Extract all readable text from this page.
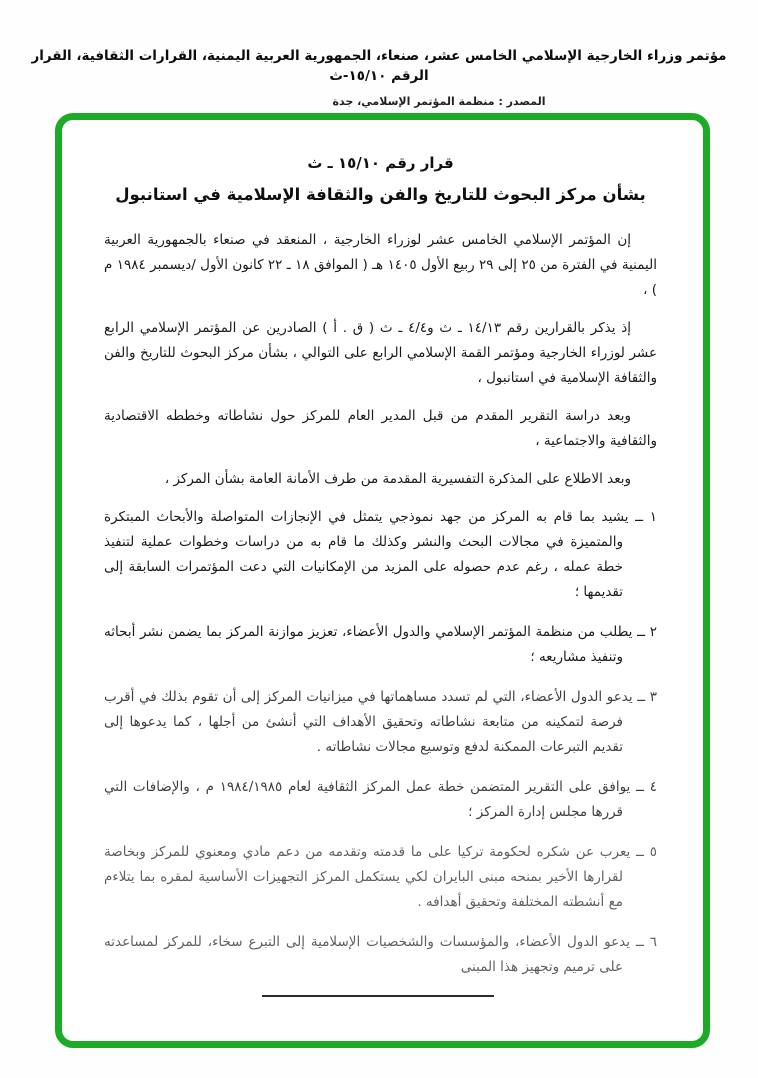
مؤتمر وزراء الخارجية الإسلامي الخامس عشر، صنعاء، الجمهورية العربية اليمنية، القرارات الثقافية، القرار الرقم ١٥/١٠-ث
المصدر : منظمة المؤتمر الإسلامي، جدة
قرار رقم ١٥/١٠ ـ ث
بشأن مركز البحوث للتاريخ والفن والثقافة الإسلامية في استانبول

إن المؤتمر الإسلامي الخامس عشر لوزراء الخارجية ، المنعقد في صنعاء بالجمهورية العربية اليمنية في الفترة من ٢٥ إلى ٢٩ ربيع الأول ١٤٠٥ هـ ( الموافق ١٨ ـ ٢٢ كانون الأول /ديسمبر ١٩٨٤ م ) ،

إذ يذكر بالقرارين رقم ١٤/١٣ ـ ث و٤/٤ ـ ث ( ق . أ ) الصادرين عن المؤتمر الإسلامي الرابع عشر لوزراء الخارجية ومؤتمر القمة الإسلامي الرابع على التوالي ، بشأن مركز البحوث للتاريخ والفن والثقافة الإسلامية في استانبول ،

وبعد دراسة التقرير المقدم من قبل المدير العام للمركز حول نشاطاته وخططه الاقتصادية والثقافية والاجتماعية ،

وبعد الاطلاع على المذكرة التفسيرية المقدمة من طرف الأمانة العامة بشأن المركز ،

١ ــ يشيد بما قام به المركز من جهد نموذجي يتمثل في الإنجازات المتواصلة والأبحاث المبتكرة والمتميزة في مجالات البحث والنشر وكذلك ما قام به من دراسات وخطوات عملية لتنفيذ خطة عمله ، رغم عدم حصوله على المزيد من الإمكانيات التي دعت المؤتمرات السابقة إلى تقديمها ؛
٢ ــ يطلب من منظمة المؤتمر الإسلامي والدول الأعضاء، تعزيز موازنة المركز بما يضمن نشر أبحاثه وتنفيذ مشاريعه ؛
٣ ــ يدعو الدول الأعضاء، التي لم تسدد مساهماتها في ميزانيات المركز إلى أن تقوم بذلك في أقرب فرصة لتمكينه من متابعة نشاطاته وتحقيق الأهداف التي أنشئ من أجلها ، كما يدعوها إلى تقديم التبرعات الممكنة لدفع وتوسيع مجالات نشاطاته .
٤ ــ يوافق على التقرير المتضمن خطة عمل المركز الثقافية لعام ١٩٨٤/١٩٨٥ م ، والإضافات التي قررها مجلس إدارة المركز ؛
٥ ــ يعرب عن شكره لحكومة تركيا على ما قدمته وتقدمه من دعم مادي ومعنوي للمركز وبخاصة لقرارها الأخير بمنحه مبنى البايران لكي يستكمل المركز التجهيزات الأساسية لمقره بما يتلاءم مع أنشطته المختلفة وتحقيق أهدافه .
٦ ــ يدعو الدول الأعضاء، والمؤسسات والشخصيات الإسلامية إلى التبرع سخاء، للمركز لمساعدته على ترميم وتجهيز هذا المبنى
